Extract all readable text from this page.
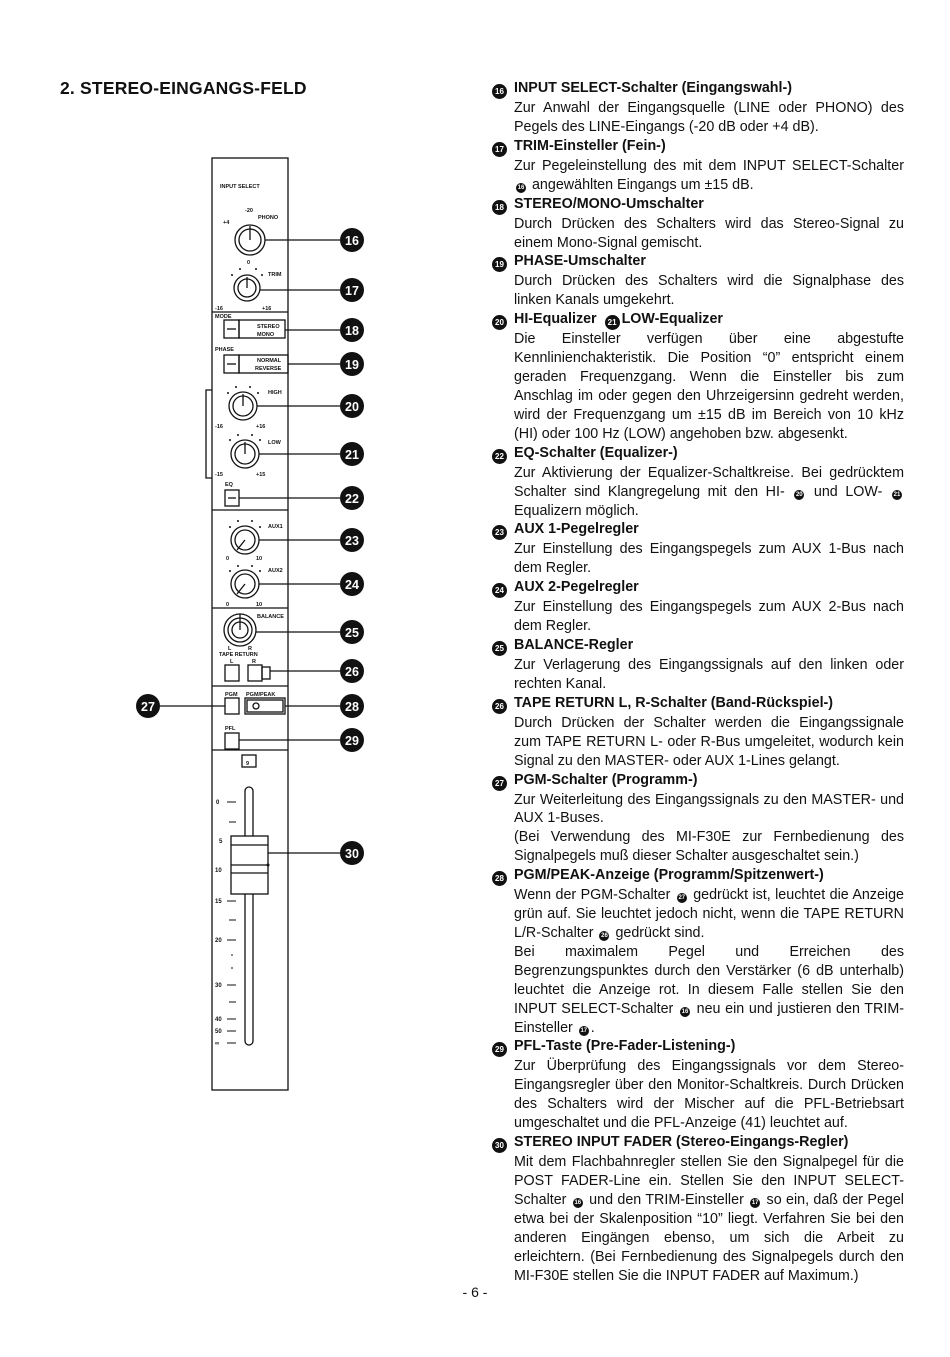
2. STEREO-EINGANGS-FELD
INPUT SELECT
+4
-20
PHONO
0
TRIM
-16	+16
MODE
STEREO
MONO
PHASE
NORMAL
REVERSE
HIGH
-16	+16
LOW
-15	+15
EQ
AUX1
0	10
AUX2
0	10
BALANCE
L	R
TAPE RETURN
L	R
PGM PGM/PEAK
PFL
9
0
5
10
15
20
30
40
50
∞
16
17
18
19
20
21
22
23
24
25
26
27	28
29
30
16 INPUT SELECT-Schalter (Eingangswahl-)

Zur Anwahl der Eingangsquelle (LINE oder PHONO) des Pegels des LINE-Eingangs (-20 dB oder +4 dB).

17 TRIM-Einsteller (Fein-)

Zur Pegeleinstellung des mit dem INPUT SELECT-Schalter 16 angewählten Eingangs um ±15 dB.

18 STEREO/MONO-Umschalter

Durch Drücken des Schalters wird das Stereo-Signal zu einem Mono-Signal gemischt.

19 PHASE-Umschalter

Durch Drücken des Schalters wird die Signalphase des linken Kanals umgekehrt.

20 HI-Equalizer 21 LOW-Equalizer

Die Einsteller verfügen über eine abgestufte Kennlinienchakteristik. Die Position “0” entspricht einem geraden Frequenzgang. Wenn die Einsteller bis zum Anschlag im oder gegen den Uhrzeigersinn gedreht werden, wird der Frequenzgang um ±15 dB im Bereich von 10 kHz (HI) oder 100 Hz (LOW) angehoben bzw. abgesenkt.

22 EQ-Schalter (Equalizer-)

Zur Aktivierung der Equalizer-Schaltkreise. Bei gedrücktem Schalter sind Klangregelung mit den HI- 20 und LOW- 21Equalizern möglich.

23 AUX 1-Pegelregler

Zur Einstellung des Eingangspegels zum AUX 1-Bus nach dem Regler.

24 AUX 2-Pegelregler

Zur Einstellung des Eingangspegels zum AUX 2-Bus nach dem Regler.

25 BALANCE-Regler

Zur Verlagerung des Eingangssignals auf den linken oder rechten Kanal.

26 TAPE RETURN L, R-Schalter (Band-Rückspiel-)

Durch Drücken der Schalter werden die Eingangssignale zum TAPE RETURN L- oder R-Bus umgeleitet, wodurch kein Signal zu den MASTER- oder AUX 1-Lines gelangt.

27 PGM-Schalter (Programm-)

Zur Weiterleitung des Eingangssignals zu den MASTER- und AUX 1-Buses.

(Bei Verwendung des MI-F30E zur Fernbedienung des Signalpegels muß dieser Schalter ausgeschaltet sein.)

28 PGM/PEAK-Anzeige (Programm/Spitzenwert-)

Wenn der PGM-Schalter 27 gedrückt ist, leuchtet die Anzeige grün auf. Sie leuchtet jedoch nicht, wenn die TAPE RETURN L/R-Schalter 26 gedrückt sind.

Bei maximalem Pegel und Erreichen des Begrenzungspunktes durch den Verstärker (6 dB unterhalb) leuchtet die Anzeige rot. In diesem Falle stellen Sie den INPUT SELECT-Schalter 16 neu ein und justieren den TRIM-Einsteller 17 .

29 PFL-Taste (Pre-Fader-Listening-)

Zur Überprüfung des Eingangssignals vor dem Stereo-Eingangsregler über den Monitor-Schaltkreis. Durch Drücken des Schalters wird der Mischer auf die PFL-Betriebsart umgeschaltet und die PFL-Anzeige (41) leuchtet auf.

30 STEREO INPUT FADER (Stereo-Eingangs-Regler)

Mit dem Flachbahnregler stellen Sie den Signalpegel für die POST FADER-Line ein. Stellen Sie den INPUT SELECT-Schalter 16 und den TRIM-Einsteller 17 so ein, daß der Pegel etwa bei der Skalenposition “10” liegt. Verfahren Sie bei den anderen Eingängen ebenso, um sich die Arbeit zu erleichtern. (Bei Fernbedienung des Signalpegels durch den MI-F30E stellen Sie die INPUT FADER auf Maximum.)

- 6 -
